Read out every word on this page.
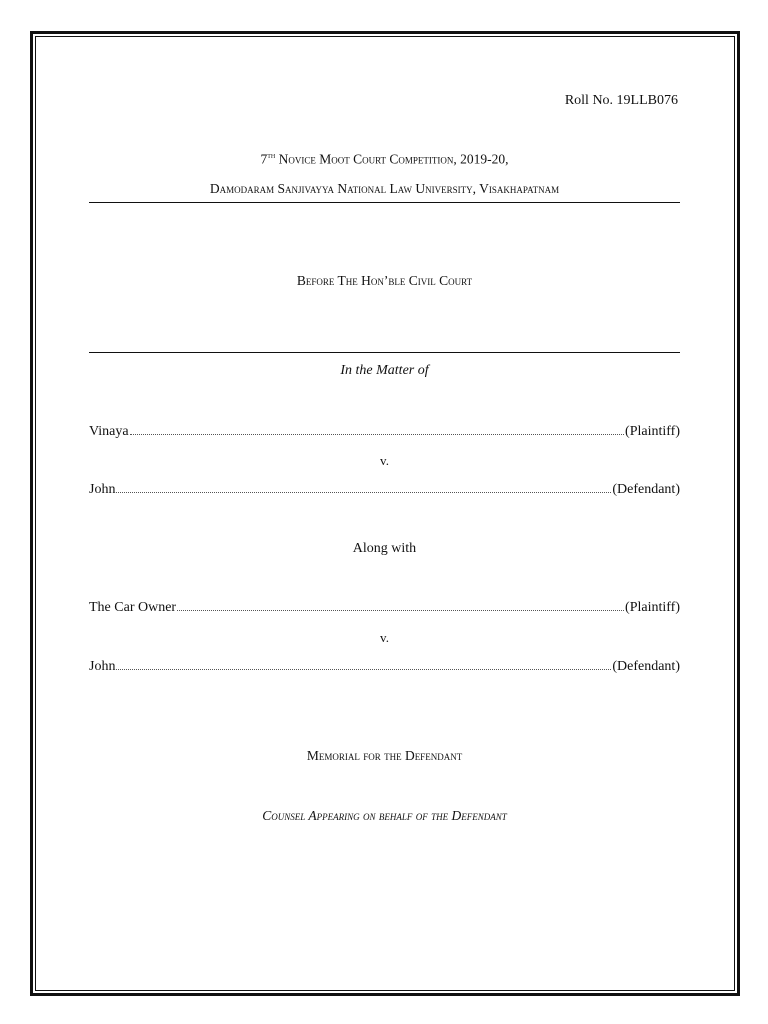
Roll No. 19LLB076
7th Novice Moot Court Competition, 2019-20,
Damodaram Sanjivayya National Law University, Visakhapatnam
Before The Hon’ble Civil Court
In the Matter of
Vinaya	(Plaintiff)
v.
John	(Defendant)
Along with
The Car Owner	(Plaintiff)
v.
John	(Defendant)
Memorial for the Defendant
Counsel Appearing on behalf of the Defendant
